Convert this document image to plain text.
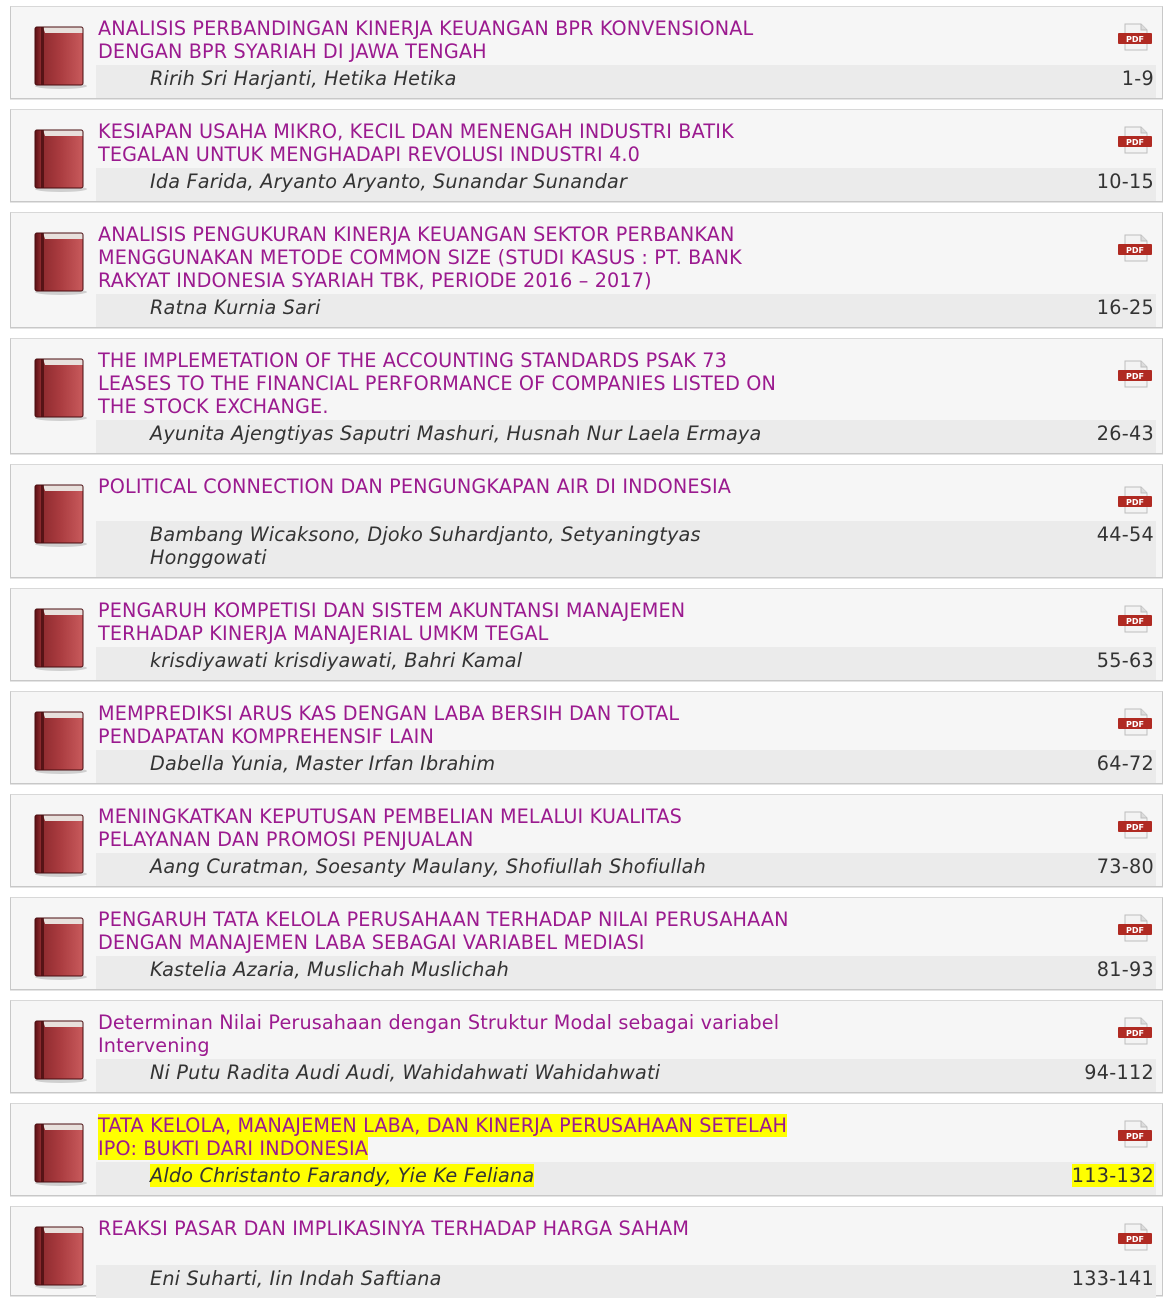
ANALISIS PERBANDINGAN KINERJA KEUANGAN BPR KONVENSIONAL
DENGAN BPR SYARIAH DI JAWA TENGAH
Ririh Sri Harjanti, Hetika Hetika	1-9
PDF
KESIAPAN USAHA MIKRO, KECIL DAN MENENGAH INDUSTRI BATIK
TEGALAN UNTUK MENGHADAPI REVOLUSI INDUSTRI 4.0
Ida Farida, Aryanto Aryanto, Sunandar Sunandar	10-15
PDF
ANALISIS PENGUKURAN KINERJA KEUANGAN SEKTOR PERBANKAN
MENGGUNAKAN METODE COMMON SIZE (STUDI KASUS : PT. BANK
RAKYAT INDONESIA SYARIAH TBK, PERIODE 2016 – 2017)
Ratna Kurnia Sari	16-25
PDF
THE IMPLEMETATION OF THE ACCOUNTING STANDARDS PSAK 73
LEASES TO THE FINANCIAL PERFORMANCE OF COMPANIES LISTED ON
THE STOCK EXCHANGE.
Ayunita Ajengtiyas Saputri Mashuri, Husnah Nur Laela Ermaya	26-43
PDF
POLITICAL CONNECTION DAN PENGUNGKAPAN AIR DI INDONESIA
Bambang Wicaksono, Djoko Suhardjanto, Setyaningtyas
Honggowati
44-54
PDF
PENGARUH KOMPETISI DAN SISTEM AKUNTANSI MANAJEMEN
TERHADAP KINERJA MANAJERIAL UMKM TEGAL
krisdiyawati krisdiyawati, Bahri Kamal	55-63
PDF
MEMPREDIKSI ARUS KAS DENGAN LABA BERSIH DAN TOTAL
PENDAPATAN KOMPREHENSIF LAIN
Dabella Yunia, Master Irfan Ibrahim	64-72
PDF
MENINGKATKAN KEPUTUSAN PEMBELIAN MELALUI KUALITAS
PELAYANAN DAN PROMOSI PENJUALAN
Aang Curatman, Soesanty Maulany, Shofiullah Shofiullah	73-80
PDF
PENGARUH TATA KELOLA PERUSAHAAN TERHADAP NILAI PERUSAHAAN
DENGAN MANAJEMEN LABA SEBAGAI VARIABEL MEDIASI
Kastelia Azaria, Muslichah Muslichah	81-93
PDF
Determinan Nilai Perusahaan dengan Struktur Modal sebagai variabel
Intervening
Ni Putu Radita Audi Audi, Wahidahwati Wahidahwati	94-112
PDF
TATA KELOLA, MANAJEMEN LABA, DAN KINERJA PERUSAHAAN SETELAH
IPO: BUKTI DARI INDONESIA
Aldo Christanto Farandy, Yie Ke Feliana	113-132
PDF
REAKSI PASAR DAN IMPLIKASINYA TERHADAP HARGA SAHAM
Eni Suharti, Iin Indah Saftiana	133-141
PDF
